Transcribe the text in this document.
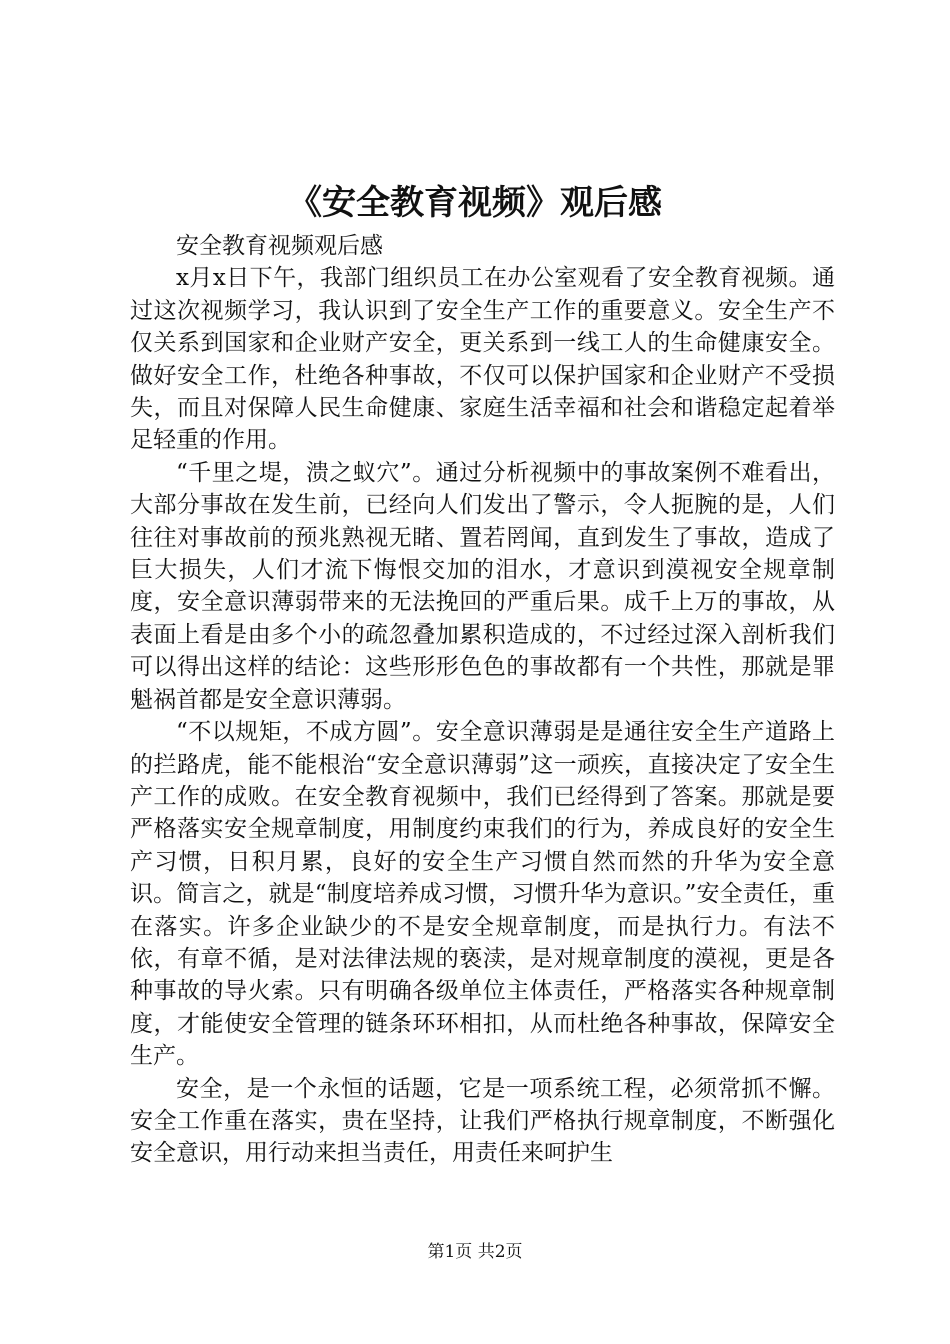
《安全教育视频》观后感

安全教育视频观后感

x月x日下午，我部门组织员工在办公室观看了安全教育视频。通过这次视频学习，我认识到了安全生产工作的重要意义。安全生产不仅关系到国家和企业财产安全，更关系到一线工人的生命健康安全。做好安全工作，杜绝各种事故，不仅可以保护国家和企业财产不受损失，而且对保障人民生命健康、家庭生活幸福和社会和谐稳定起着举足轻重的作用。

“千里之堤，溃之蚁穴”。通过分析视频中的事故案例不难看出，大部分事故在发生前，已经向人们发出了警示，令人扼腕的是，人们往往对事故前的预兆熟视无睹、置若罔闻，直到发生了事故，造成了巨大损失，人们才流下悔恨交加的泪水，才意识到漠视安全规章制度，安全意识薄弱带来的无法挽回的严重后果。成千上万的事故，从表面上看是由多个小的疏忽叠加累积造成的，不过经过深入剖析我们可以得出这样的结论：这些形形色色的事故都有一个共性，那就是罪魁祸首都是安全意识薄弱。

“不以规矩，不成方圆”。安全意识薄弱是是通往安全生产道路上的拦路虎，能不能根治“安全意识薄弱”这一顽疾，直接决定了安全生产工作的成败。在安全教育视频中，我们已经得到了答案。那就是要严格落实安全规章制度，用制度约束我们的行为，养成良好的安全生产习惯，日积月累，良好的安全生产习惯自然而然的升华为安全意识。简言之，就是“制度培养成习惯，习惯升华为意识。”安全责任，重在落实。许多企业缺少的不是安全规章制度，而是执行力。有法不依，有章不循，是对法律法规的亵渎，是对规章制度的漠视，更是各种事故的导火索。只有明确各级单位主体责任，严格落实各种规章制度，才能使安全管理的链条环环相扣，从而杜绝各种事故，保障安全生产。

安全，是一个永恒的话题，它是一项系统工程，必须常抓不懈。安全工作重在落实，贵在坚持，让我们严格执行规章制度，不断强化安全意识，用行动来担当责任，用责任来呵护生

第1页 共2页
